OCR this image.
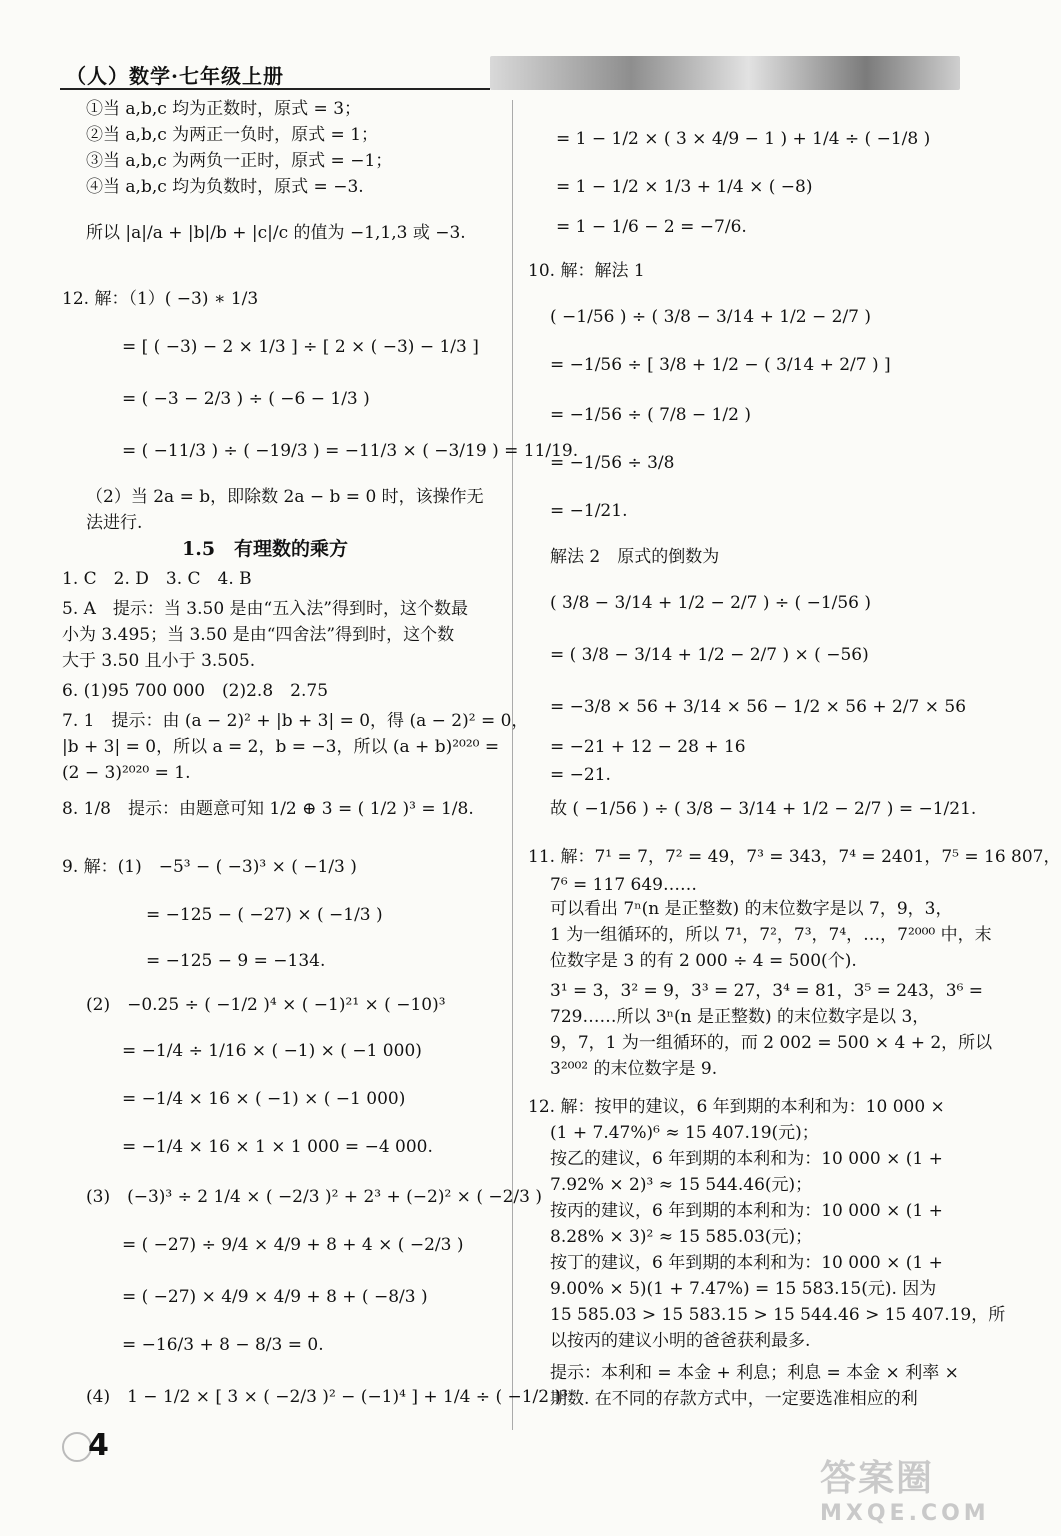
（人）数学·七年级上册
①当 a,b,c 均为正数时，原式 = 3；
②当 a,b,c 为两正一负时，原式 = 1；
③当 a,b,c 为两负一正时，原式 = −1；
④当 a,b,c 均为负数时，原式 = −3.
所以 |a|/a + |b|/b + |c|/c 的值为 −1,1,3 或 −3.
12. 解：（1）( −3) ∗ 1/3
= [ ( −3) − 2 × 1/3 ] ÷ [ 2 × ( −3) − 1/3 ]
= ( −3 − 2/3 ) ÷ ( −6 − 1/3 )
= ( −11/3 ) ÷ ( −19/3 ) = −11/3 × ( −3/19 ) = 11/19.
（2）当 2a = b，即除数 2a − b = 0 时，该操作无
法进行.
1.5　有理数的乘方
1. C　2. D　3. C　4. B
5. A　提示：当 3.50 是由“五入法”得到时，这个数最
小为 3.495；当 3.50 是由“四舍法”得到时，这个数
大于 3.50 且小于 3.505.
6. (1)95 700 000　(2)2.8　2.75
7. 1　提示：由 (a − 2)² + |b + 3| = 0，得 (a − 2)² = 0，
|b + 3| = 0，所以 a = 2，b = −3，所以 (a + b)²⁰²⁰ =
(2 − 3)²⁰²⁰ = 1.
8. 1/8　提示：由题意可知 1/2 ⊕ 3 = ( 1/2 )³ = 1/8.
9. 解：(1)　−5³ − ( −3)³ × ( −1/3 )
= −125 − ( −27) × ( −1/3 )
= −125 − 9 = −134.
(2)　−0.25 ÷ ( −1/2 )⁴ × ( −1)²¹ × ( −10)³
= −1/4 ÷ 1/16 × ( −1) × ( −1 000)
= −1/4 × 16 × ( −1) × ( −1 000)
= −1/4 × 16 × 1 × 1 000 = −4 000.
(3)　(−3)³ ÷ 2 1/4 × ( −2/3 )² + 2³ + (−2)² × ( −2/3 )
= ( −27) ÷ 9/4 × 4/9 + 8 + 4 × ( −2/3 )
= ( −27) × 4/9 × 4/9 + 8 + ( −8/3 )
= −16/3 + 8 − 8/3 = 0.
(4)　1 − 1/2 × [ 3 × ( −2/3 )² − (−1)⁴ ] + 1/4 ÷ ( −1/2 )³
= 1 − 1/2 × ( 3 × 4/9 − 1 ) + 1/4 ÷ ( −1/8 )
= 1 − 1/2 × 1/3 + 1/4 × ( −8)
= 1 − 1/6 − 2 = −7/6.
10. 解：解法 1
( −1/56 ) ÷ ( 3/8 − 3/14 + 1/2 − 2/7 )
= −1/56 ÷ [ 3/8 + 1/2 − ( 3/14 + 2/7 ) ]
= −1/56 ÷ ( 7/8 − 1/2 )
= −1/56 ÷ 3/8
= −1/21.
解法 2　原式的倒数为
( 3/8 − 3/14 + 1/2 − 2/7 ) ÷ ( −1/56 )
= ( 3/8 − 3/14 + 1/2 − 2/7 ) × ( −56)
= −3/8 × 56 + 3/14 × 56 − 1/2 × 56 + 2/7 × 56
= −21 + 12 − 28 + 16
= −21.
故 ( −1/56 ) ÷ ( 3/8 − 3/14 + 1/2 − 2/7 ) = −1/21.
11. 解：7¹ = 7，7² = 49，7³ = 343，7⁴ = 2401，7⁵ = 16 807，
7⁶ = 117 649……
可以看出 7ⁿ(n 是正整数) 的末位数字是以 7，9，3，
1 为一组循环的，所以 7¹，7²，7³，7⁴，…，7²⁰⁰⁰ 中，末
位数字是 3 的有 2 000 ÷ 4 = 500(个).
3¹ = 3，3² = 9，3³ = 27，3⁴ = 81，3⁵ = 243，3⁶ =
729……所以 3ⁿ(n 是正整数) 的末位数字是以 3，
9，7，1 为一组循环的，而 2 002 = 500 × 4 + 2，所以
3²⁰⁰² 的末位数字是 9.
12. 解：按甲的建议，6 年到期的本利和为：10 000 ×
(1 + 7.47%)⁶ ≈ 15 407.19(元)；
按乙的建议，6 年到期的本利和为：10 000 × (1 +
7.92% × 2)³ ≈ 15 544.46(元)；
按丙的建议，6 年到期的本利和为：10 000 × (1 +
8.28% × 3)² ≈ 15 585.03(元)；
按丁的建议，6 年到期的本利和为：10 000 × (1 +
9.00% × 5)(1 + 7.47%) = 15 583.15(元). 因为
15 585.03 > 15 583.15 > 15 544.46 > 15 407.19，所
以按丙的建议小明的爸爸获利最多.
提示：本利和 = 本金 + 利息；利息 = 本金 × 利率 ×
期数. 在不同的存款方式中，一定要选准相应的利
4
答案圈
MXQE.COM
